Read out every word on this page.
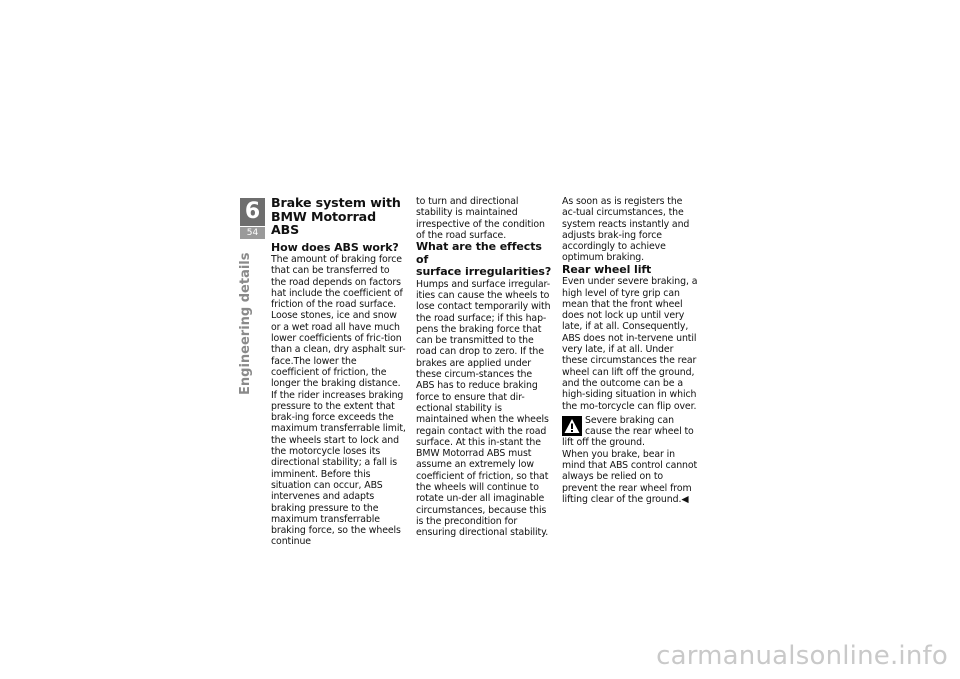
6
54
Engineering details

Brake system with

BMW Motorrad ABS

How does ABS work?

The amount of braking force that can be transferred to the road depends on factors hat include the coefficient of friction of the road surface. Loose stones, ice and snow or a wet road all have much lower coefficients of fric-tion than a clean, dry asphalt sur-face.The lower the coefficient of friction, the longer the braking distance.

If the rider increases braking pressure to the extent that brak-ing force exceeds the maximum transferrable limit, the wheels start to lock and the motorcycle loses its directional stability; a fall is imminent. Before this situation can occur, ABS intervenes and adapts braking pressure to the maximum transferrable braking force, so the wheels continue

to turn and directional stability is maintained irrespective of the condition of the road surface.

What are the effects of

surface irregularities?

Humps and surface irregular-ities can cause the wheels to lose contact temporarily with the road surface; if this hap-pens the braking force that can be transmitted to the road can drop to zero. If the brakes are applied under these circum-stances the ABS has to reduce braking force to ensure that dir-ectional stability is maintained when the wheels regain contact with the road surface. At this in-stant the BMW Motorrad ABS must assume an extremely low coefficient of friction, so that the wheels will continue to rotate un-der all imaginable circumstances, because this is the precondition for ensuring directional stability.

As soon as is registers the ac-tual circumstances, the system reacts instantly and adjusts brak-ing force accordingly to achieve optimum braking.

Rear wheel lift

Even under severe braking, a high level of tyre grip can mean that the front wheel does not lock up until very late, if at all. Consequently, ABS does not in-tervene until very late, if at all. Under these circumstances the rear wheel can lift off the ground, and the outcome can be a high-siding situation in which the mo-torcycle can flip over.

Severe braking can cause the rear wheel to lift off the ground.

When you brake, bear in mind that ABS control cannot always be relied on to prevent the rear wheel from lifting clear of the ground.◀

carmanualsonline.info
